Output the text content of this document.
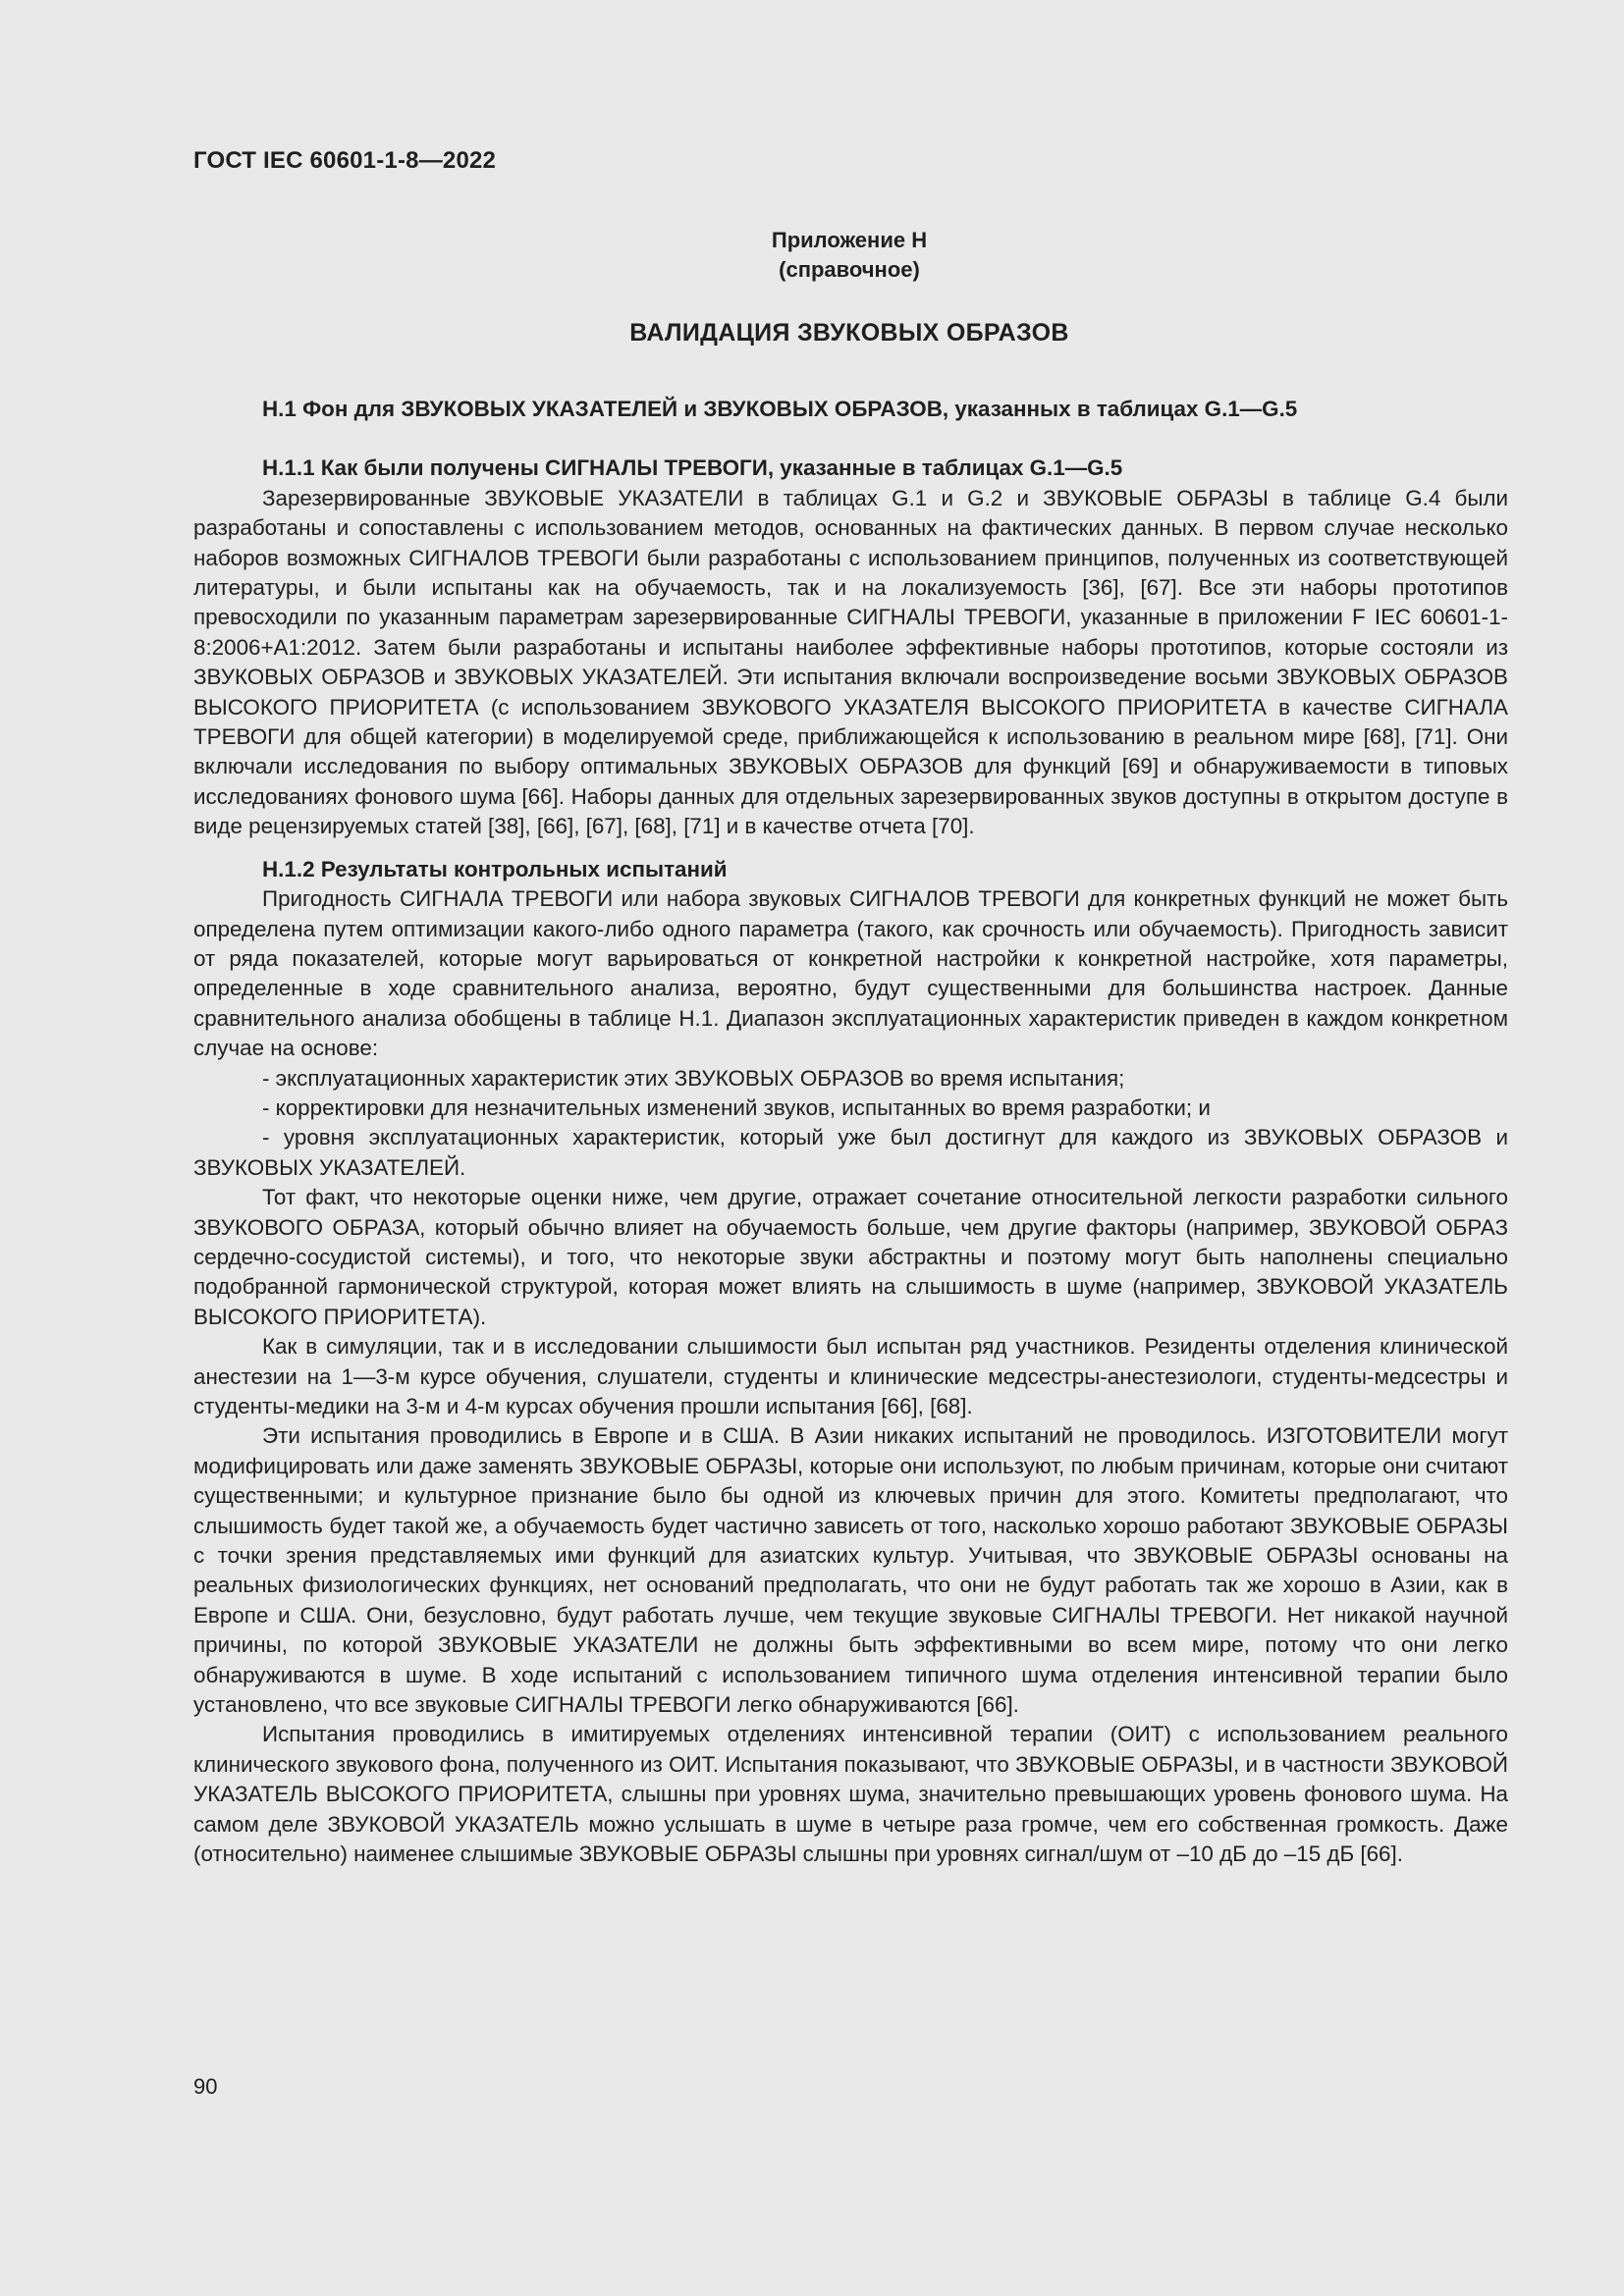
ГОСТ IEC 60601-1-8—2022
Приложение Н
(справочное)
ВАЛИДАЦИЯ ЗВУКОВЫХ ОБРАЗОВ
H.1 Фон для ЗВУКОВЫХ УКАЗАТЕЛЕЙ и ЗВУКОВЫХ ОБРАЗОВ, указанных в таблицах G.1—G.5
H.1.1 Как были получены СИГНАЛЫ ТРЕВОГИ, указанные в таблицах G.1—G.5

Зарезервированные ЗВУКОВЫЕ УКАЗАТЕЛИ в таблицах G.1 и G.2 и ЗВУКОВЫЕ ОБРАЗЫ в таблице G.4 были разработаны и сопоставлены с использованием методов, основанных на фактических данных. В первом случае несколько наборов возможных СИГНАЛОВ ТРЕВОГИ были разработаны с использованием принципов, полученных из соответствующей литературы, и были испытаны как на обучаемость, так и на локализуемость [36], [67]. Все эти наборы прототипов превосходили по указанным параметрам зарезервированные СИГНАЛЫ ТРЕВОГИ, указанные в приложении F IEC 60601-1-8:2006+A1:2012. Затем были разработаны и испытаны наиболее эффективные наборы прототипов, которые состояли из ЗВУКОВЫХ ОБРАЗОВ и ЗВУКОВЫХ УКАЗАТЕЛЕЙ. Эти испытания включали воспроизведение восьми ЗВУКОВЫХ ОБРАЗОВ ВЫСОКОГО ПРИОРИТЕТА (с использованием ЗВУКОВОГО УКАЗАТЕЛЯ ВЫСОКОГО ПРИОРИТЕТА в качестве СИГНАЛА ТРЕВОГИ для общей категории) в моделируемой среде, приближающейся к использованию в реальном мире [68], [71]. Они включали исследования по выбору оптимальных ЗВУКОВЫХ ОБРАЗОВ для функций [69] и обнаруживаемости в типовых исследованиях фонового шума [66]. Наборы данных для отдельных зарезервированных звуков доступны в открытом доступе в виде рецензируемых статей [38], [66], [67], [68], [71] и в качестве отчета [70].

H.1.2 Результаты контрольных испытаний

Пригодность СИГНАЛА ТРЕВОГИ или набора звуковых СИГНАЛОВ ТРЕВОГИ для конкретных функций не может быть определена путем оптимизации какого-либо одного параметра (такого, как срочность или обучаемость). Пригодность зависит от ряда показателей, которые могут варьироваться от конкретной настройки к конкретной настройке, хотя параметры, определенные в ходе сравнительного анализа, вероятно, будут существенными для большинства настроек. Данные сравнительного анализа обобщены в таблице Н.1. Диапазон эксплуатационных характеристик приведен в каждом конкретном случае на основе:

- эксплуатационных характеристик этих ЗВУКОВЫХ ОБРАЗОВ во время испытания;

- корректировки для незначительных изменений звуков, испытанных во время разработки; и

- уровня эксплуатационных характеристик, который уже был достигнут для каждого из ЗВУКОВЫХ ОБРАЗОВ и ЗВУКОВЫХ УКАЗАТЕЛЕЙ.

Тот факт, что некоторые оценки ниже, чем другие, отражает сочетание относительной легкости разработки сильного ЗВУКОВОГО ОБРАЗА, который обычно влияет на обучаемость больше, чем другие факторы (например, ЗВУКОВОЙ ОБРАЗ сердечно-сосудистой системы), и того, что некоторые звуки абстрактны и поэтому могут быть наполнены специально подобранной гармонической структурой, которая может влиять на слышимость в шуме (например, ЗВУКОВОЙ УКАЗАТЕЛЬ ВЫСОКОГО ПРИОРИТЕТА).

Как в симуляции, так и в исследовании слышимости был испытан ряд участников. Резиденты отделения клинической анестезии на 1—3-м курсе обучения, слушатели, студенты и клинические медсестры-анестезиологи, студенты-медсестры и студенты-медики на 3-м и 4-м курсах обучения прошли испытания [66], [68].

Эти испытания проводились в Европе и в США. В Азии никаких испытаний не проводилось. ИЗГОТОВИТЕЛИ могут модифицировать или даже заменять ЗВУКОВЫЕ ОБРАЗЫ, которые они используют, по любым причинам, которые они считают существенными; и культурное признание было бы одной из ключевых причин для этого. Комитеты предполагают, что слышимость будет такой же, а обучаемость будет частично зависеть от того, насколько хорошо работают ЗВУКОВЫЕ ОБРАЗЫ с точки зрения представляемых ими функций для азиатских культур. Учитывая, что ЗВУКОВЫЕ ОБРАЗЫ основаны на реальных физиологических функциях, нет оснований предполагать, что они не будут работать так же хорошо в Азии, как в Европе и США. Они, безусловно, будут работать лучше, чем текущие звуковые СИГНАЛЫ ТРЕВОГИ. Нет никакой научной причины, по которой ЗВУКОВЫЕ УКАЗАТЕЛИ не должны быть эффективными во всем мире, потому что они легко обнаруживаются в шуме. В ходе испытаний с использованием типичного шума отделения интенсивной терапии было установлено, что все звуковые СИГНАЛЫ ТРЕВОГИ легко обнаруживаются [66].

Испытания проводились в имитируемых отделениях интенсивной терапии (ОИТ) с использованием реального клинического звукового фона, полученного из ОИТ. Испытания показывают, что ЗВУКОВЫЕ ОБРАЗЫ, и в частности ЗВУКОВОЙ УКАЗАТЕЛЬ ВЫСОКОГО ПРИОРИТЕТА, слышны при уровнях шума, значительно превышающих уровень фонового шума. На самом деле ЗВУКОВОЙ УКАЗАТЕЛЬ можно услышать в шуме в четыре раза громче, чем его собственная громкость. Даже (относительно) наименее слышимые ЗВУКОВЫЕ ОБРАЗЫ слышны при уровнях сигнал/шум от –10 дБ до –15 дБ [66].

90
